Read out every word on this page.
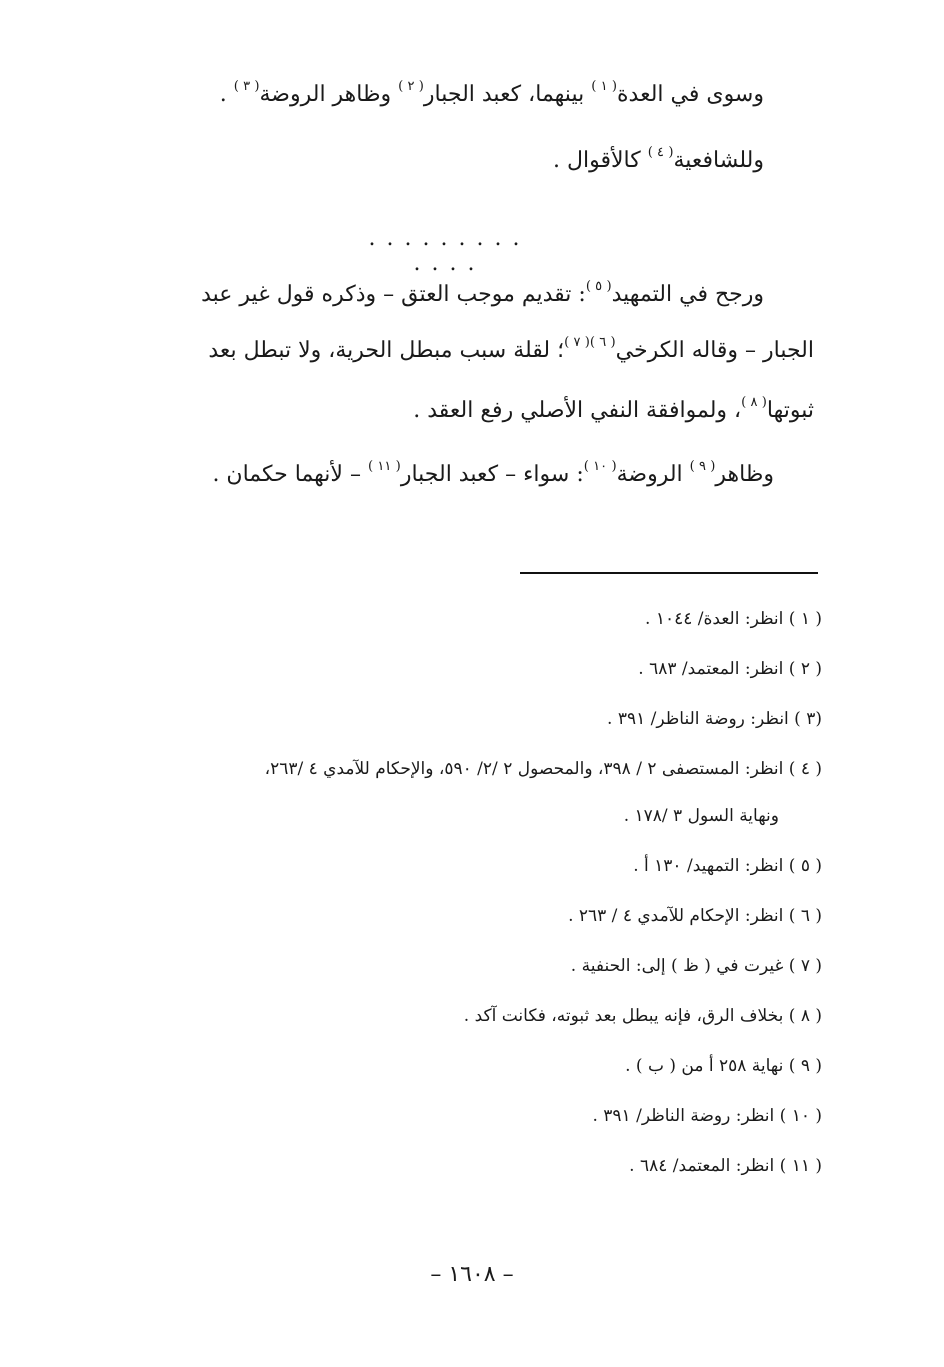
وسوى في العدة$^{( ١ )}$ بينهما، كعبد الجبار$^{( ٢ )}$ وظاهر الروضة$^{( ٣ )}$ .
وللشافعية$^{( ٤ )}$ كالأقوال .
. . . . . . . . . . . . .
ورجح في التمهيد$^{( ٥ )}$: تقديم موجب العتق – وذكره قول غير عبد
الجبار – وقاله الكرخي$^{( ٦ )( ٧ )}$؛ لقلة سبب مبطل الحرية، ولا تبطل بعد
ثبوتها$^{( ٨ )}$، ولموافقة النفي الأصلي رفع العقد .
وظاهر$^{( ٩ )}$ الروضة$^{( ١٠ )}$: سواء – كعبد الجبار$^{( ١١ )}$ – لأنهما حكمان .
( ١ ) انظر: العدة/ ١٠٤٤ .
( ٢ ) انظر: المعتمد/ ٦٨٣ .
(٣ ) انظر: روضة الناظر/ ٣٩١ .
( ٤ ) انظر: المستصفى ٢ / ٣٩٨، والمحصول ٢ /٢/ ٥٩٠، والإحكام للآمدي ٤ /٢٦٣،
ونهاية السول ٣ /١٧٨ .
( ٥ ) انظر: التمهيد/ ١٣٠ أ .
( ٦ ) انظر: الإحكام للآمدي ٤ / ٢٦٣ .
( ٧ ) غيرت في ( ظ ) إلى: الحنفية .
( ٨ ) بخلاف الرق، فإنه يبطل بعد ثبوته، فكانت آكد .
( ٩ ) نهاية ٢٥٨ أ من ( ب ) .
( ١٠ ) انظر: روضة الناظر/ ٣٩١ .
( ١١ ) انظر: المعتمد/ ٦٨٤ .
– ١٦٠٨ –
